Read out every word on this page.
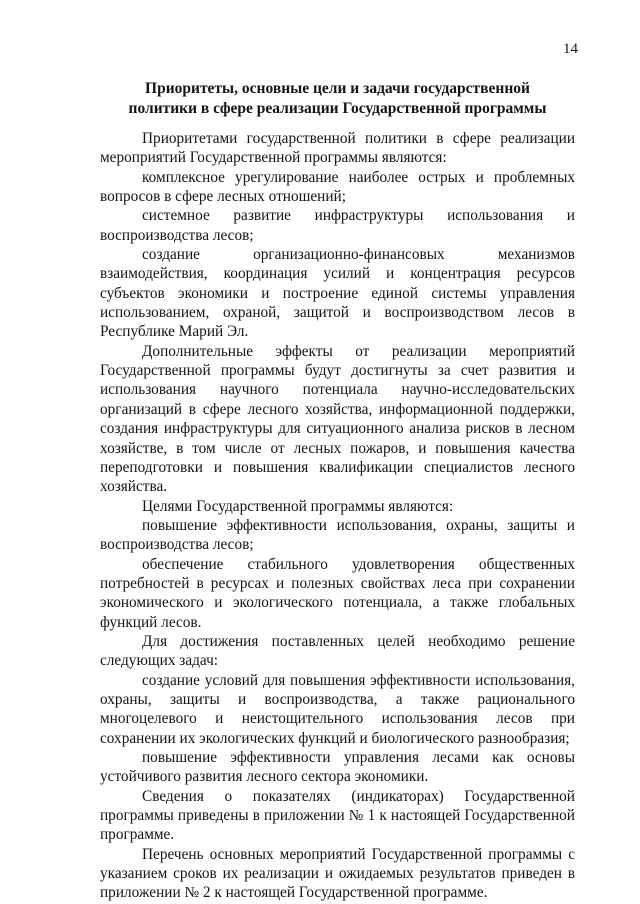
14
Приоритеты, основные цели и задачи государственной
политики в сфере реализации Государственной программы

Приоритетами государственной политики в сфере реализации мероприятий Государственной программы являются:

комплексное урегулирование наиболее острых и проблемных вопросов в сфере лесных отношений;

системное развитие инфраструктуры использования и воспроизводства лесов;

создание организационно-финансовых механизмов взаимодействия, координация усилий и концентрация ресурсов субъектов экономики и построение единой системы управления использованием, охраной, защитой и воспроизводством лесов в Республике Марий Эл.

Дополнительные эффекты от реализации мероприятий Государственной программы будут достигнуты за счет развития и использования научного потенциала научно-исследовательских организаций в сфере лесного хозяйства, информационной поддержки, создания инфраструктуры для ситуационного анализа рисков в лесном хозяйстве, в том числе от лесных пожаров, и повышения качества переподготовки и повышения квалификации специалистов лесного хозяйства.

Целями Государственной программы являются:

повышение эффективности использования, охраны, защиты и воспроизводства лесов;

обеспечение стабильного удовлетворения общественных потребностей в ресурсах и полезных свойствах леса при сохранении экономического и экологического потенциала, а также глобальных функций лесов.

Для достижения поставленных целей необходимо решение следующих задач:

создание условий для повышения эффективности использования, охраны, защиты и воспроизводства, а также рационального многоцелевого и неистощительного использования лесов при сохранении их экологических функций и биологического разнообразия;

повышение эффективности управления лесами как основы устойчивого развития лесного сектора экономики.

Сведения о показателях (индикаторах) Государственной программы приведены в приложении № 1 к настоящей Государственной программе.

Перечень основных мероприятий Государственной программы с указанием сроков их реализации и ожидаемых результатов приведен в приложении № 2 к настоящей Государственной программе.
